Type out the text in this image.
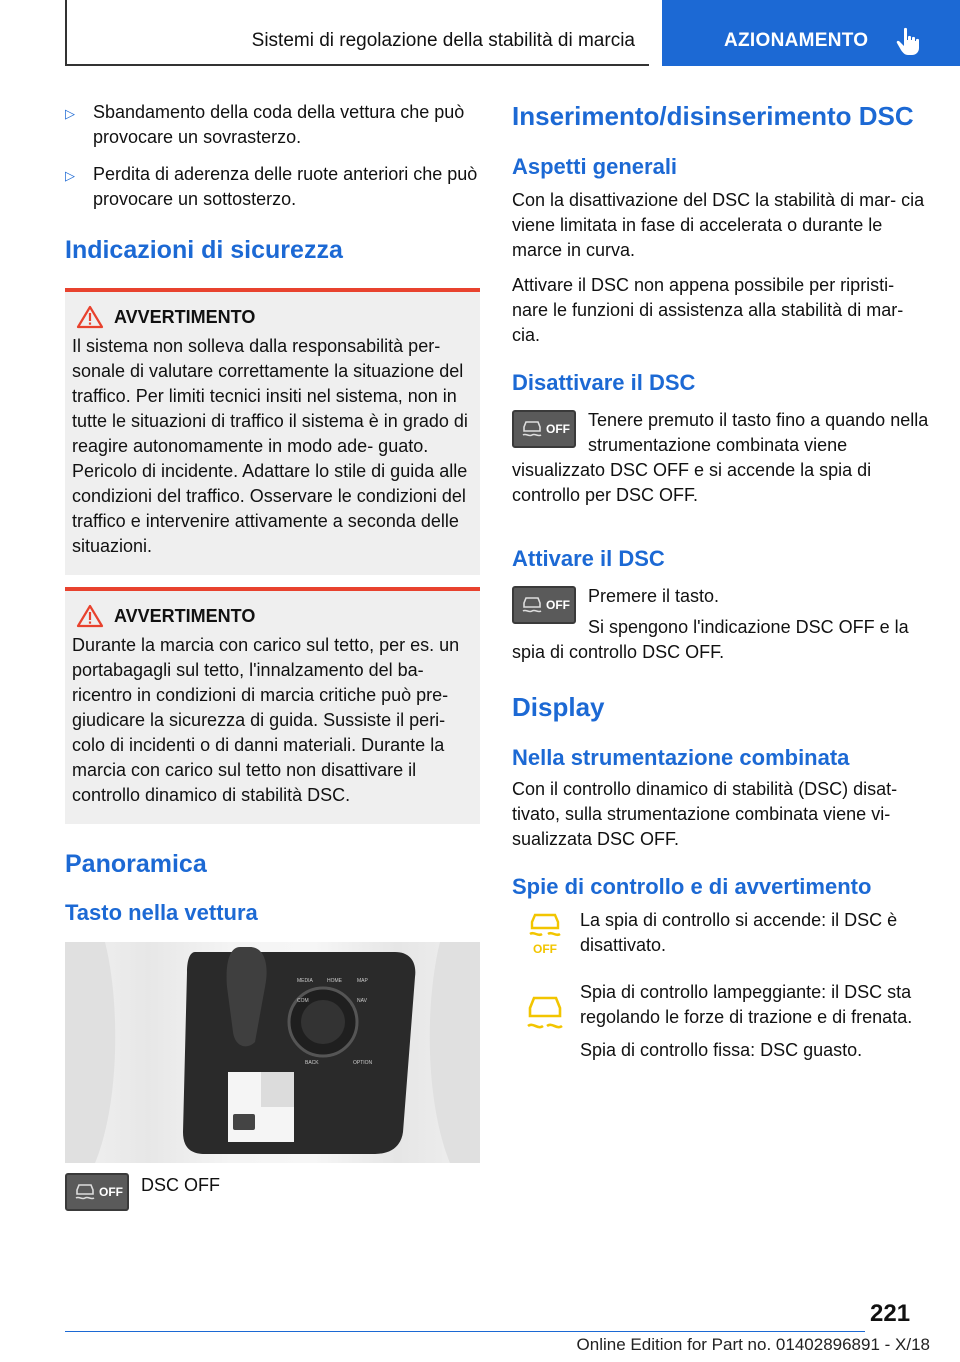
Sistemi di regolazione della stabilità di marcia	AZIONAMENTO
▷	Sbandamento della coda della vettura che può provocare un sovrasterzo.
▷	Perdita di aderenza delle ruote anteriori che può provocare un sottosterzo.
Indicazioni di sicurezza
AVVERTIMENTO

Il sistema non solleva dalla responsabilità per- sonale di valutare correttamente la situazione del traffico. Per limiti tecnici insiti nel sistema, non in tutte le situazioni di traffico il sistema è in grado di reagire autonomamente in modo ade- guato. Pericolo di incidente. Adattare lo stile di guida alle condizioni del traffico. Osservare le condizioni del traffico e intervenire attivamente a seconda delle situazioni.

AVVERTIMENTO

Durante la marcia con carico sul tetto, per es. un portabagagli sul tetto, l'innalzamento del ba- ricentro in condizioni di marcia critiche può pre- giudicare la sicurezza di guida. Sussiste il peri- colo di incidenti o di danni materiali. Durante la marcia con carico sul tetto non disattivare il controllo dinamico di stabilità DSC.

Panoramica
Tasto nella vettura
MEDIA	HOME	MAP
COM	NAV
BACK	OPTION
OFF DSC OFF

Inserimento/disinserimento DSC
Aspetti generali

Con la disattivazione del DSC la stabilità di mar- cia viene limitata in fase di accelerata o durante le marce in curva.

Attivare il DSC non appena possibile per ripristi- nare le funzioni di assistenza alla stabilità di mar- cia.

Disattivare il DSC
OFF	Tenere premuto il tasto fino a quando nella strumentazione combinata viene visualizzato DSC OFF e si accende la spia di controllo per DSC OFF.

Attivare il DSC
OFF	Premere il tasto.

Si spengono l'indicazione DSC OFF e la spia di controllo DSC OFF.

Display
Nella strumentazione combinata

Con il controllo dinamico di stabilità (DSC) disat- tivato, sulla strumentazione combinata viene vi- sualizzata DSC OFF.

Spie di controllo e di avvertimento
OFF

La spia di controllo si accende: il DSC è disattivato.

Spia di controllo lampeggiante: il DSC sta regolando le forze di trazione e di frenata.

Spia di controllo fissa: DSC guasto.

221
Online Edition for Part no. 01402896891 - X/18
